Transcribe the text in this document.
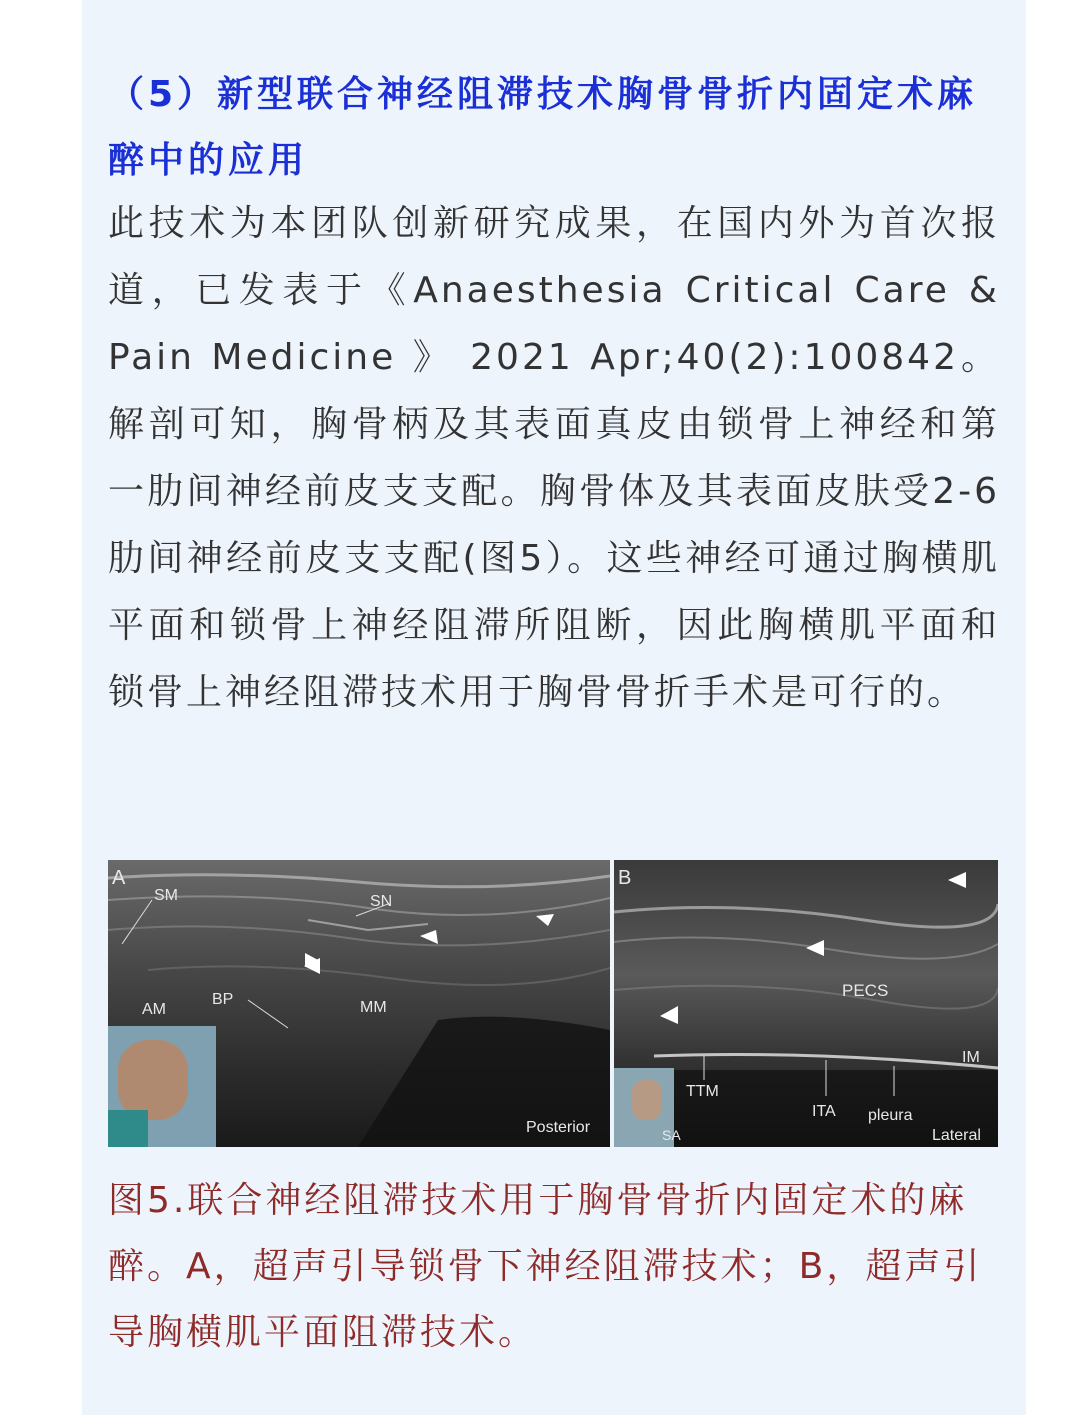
（5）新型联合神经阻滞技术胸骨骨折内固定术麻醉中的应用

此技术为本团队创新研究成果，在国内外为首次报道，已发表于《Anaesthesia Critical Care & Pain Medicine 》 2021 Apr;40(2):100842。解剖可知，胸骨柄及其表面真皮由锁骨上神经和第一肋间神经前皮支支配。胸骨体及其表面皮肤受2-6肋间神经前皮支支配(图5）。这些神经可通过胸横肌平面和锁骨上神经阻滞所阻断，因此胸横肌平面和锁骨上神经阻滞技术用于胸骨骨折手术是可行的。

A
SM	SN
AM
BP	MM
Posterior
B
PECS
IM
TTM
ITA pleura
Lateral
SA

图5.联合神经阻滞技术用于胸骨骨折内固定术的麻醉。A，超声引导锁骨下神经阻滞技术；B，超声引导胸横肌平面阻滞技术。
